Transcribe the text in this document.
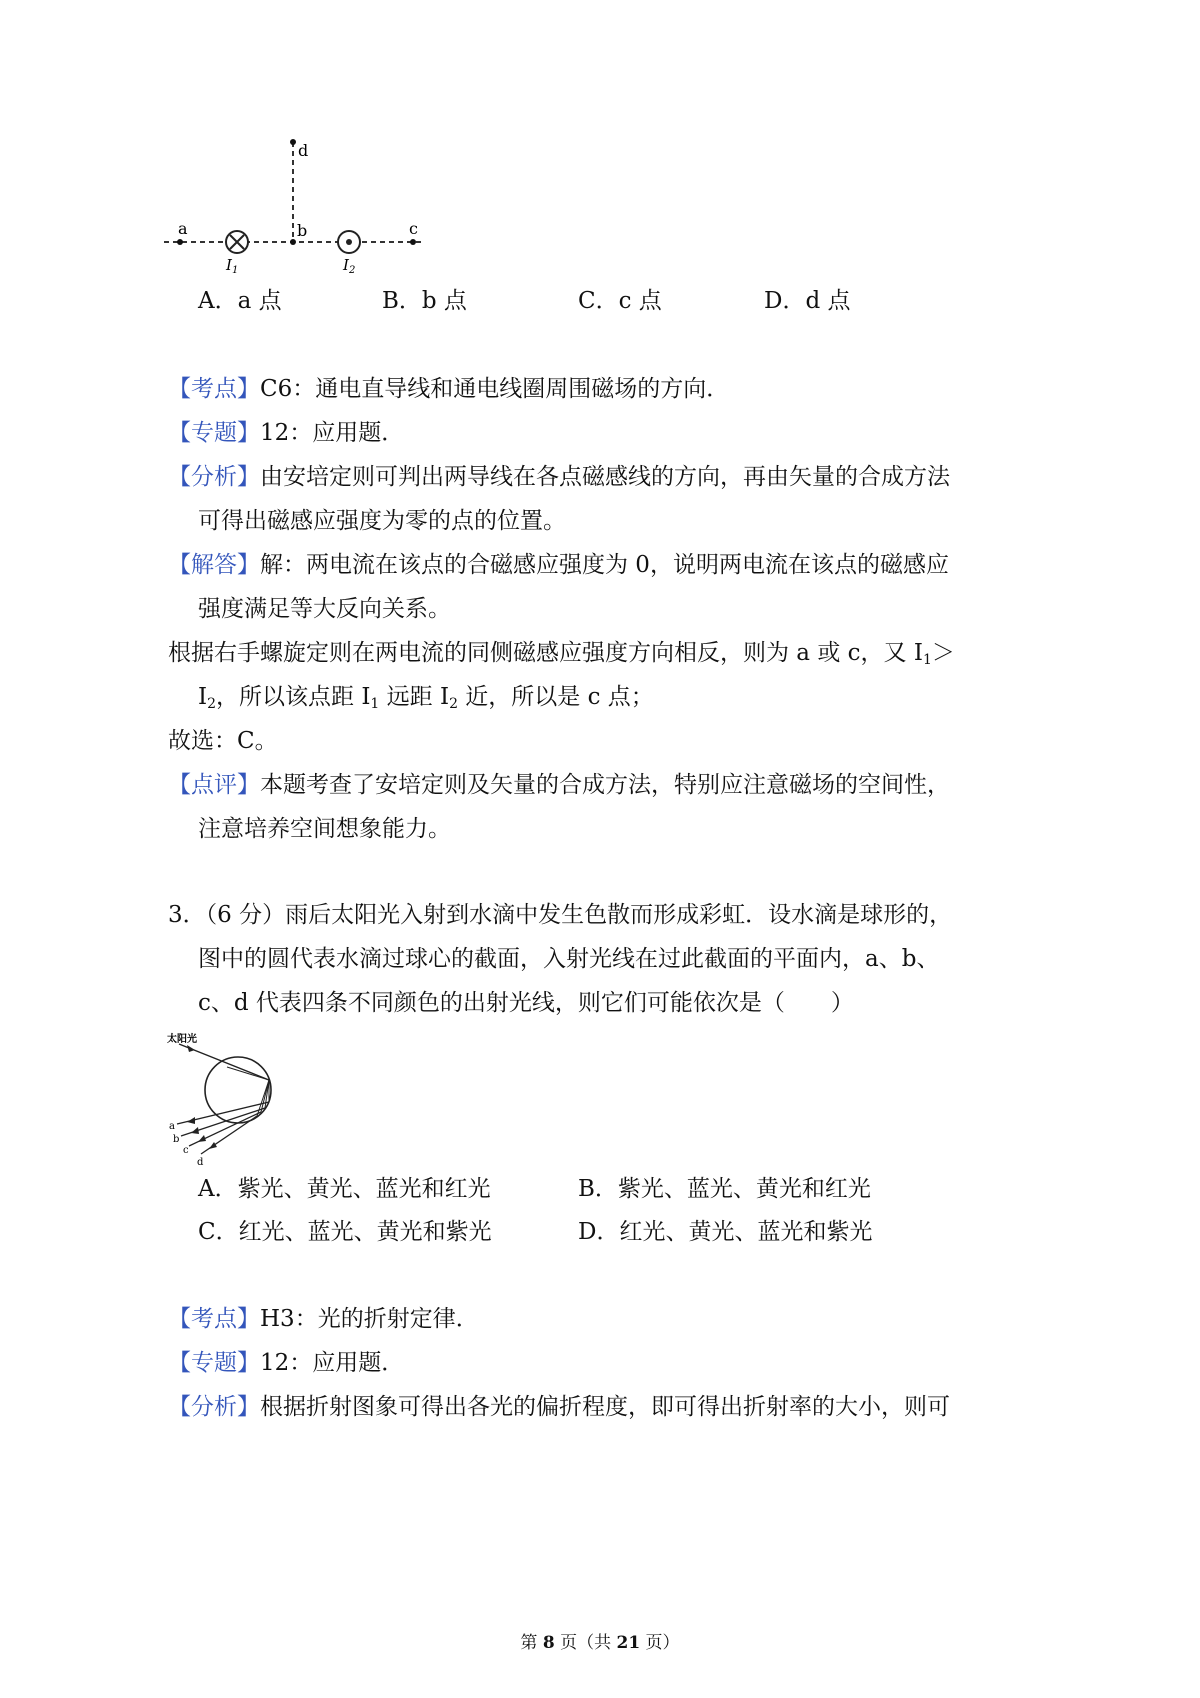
a	b	c
d
$I_1$	$I_2$
A．a 点	B．b 点	C．c 点	D．d 点
【考点】C6：通电直导线和通电线圈周围磁场的方向．
【专题】12：应用题．
【分析】由安培定则可判出两导线在各点磁感线的方向，再由矢量的合成方法
可得出磁感应强度为零的点的位置。
【解答】解：两电流在该点的合磁感应强度为 0，说明两电流在该点的磁感应
强度满足等大反向关系。
根据右手螺旋定则在两电流的同侧磁感应强度方向相反，则为 a 或 c，又 $I_1>$
$I_2$，所以该点距 $I_1$ 远距 $I_2$ 近，所以是 c 点；
故选：C。
【点评】本题考查了安培定则及矢量的合成方法，特别应注意磁场的空间性，
注意培养空间想象能力。
3．（6 分）雨后太阳光入射到水滴中发生色散而形成彩虹．设水滴是球形的，
图中的圆代表水滴过球心的截面，入射光线在过此截面的平面内，a、b、
c、d 代表四条不同颜色的出射光线，则它们可能依次是（　　）
太阳光
a
b
c
d
A．紫光、黄光、蓝光和红光	B．紫光、蓝光、黄光和红光
C．红光、蓝光、黄光和紫光	D．红光、黄光、蓝光和紫光
【考点】H3：光的折射定律．
【专题】12：应用题．
【分析】根据折射图象可得出各光的偏折程度，即可得出折射率的大小，则可
第 8 页（共 21 页）
